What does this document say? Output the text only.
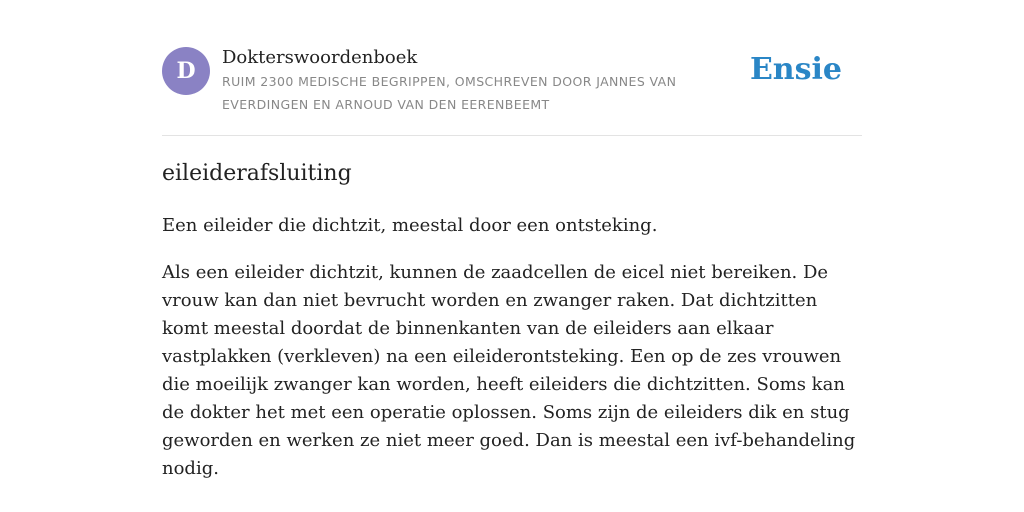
D

Dokterswoordenboek

RUIM 2300 MEDISCHE BEGRIPPEN, OMSCHREVEN DOOR JANNES VAN EVERDINGEN EN ARNOUD VAN DEN EERENBEEMT

Ensie
eileiderafsluiting

Een eileider die dichtzit, meestal door een ontsteking.

Als een eileider dichtzit, kunnen de zaadcellen de eicel niet bereiken. De vrouw kan dan niet bevrucht worden en zwanger raken. Dat dichtzitten komt meestal doordat de binnenkanten van de eileiders aan elkaar vastplakken (verkleven) na een eileiderontsteking. Een op de zes vrouwen die moeilijk zwanger kan worden, heeft eileiders die dichtzitten. Soms kan de dokter het met een operatie oplossen. Soms zijn de eileiders dik en stug geworden en werken ze niet meer goed. Dan is meestal een ivf-behandeling nodig.
